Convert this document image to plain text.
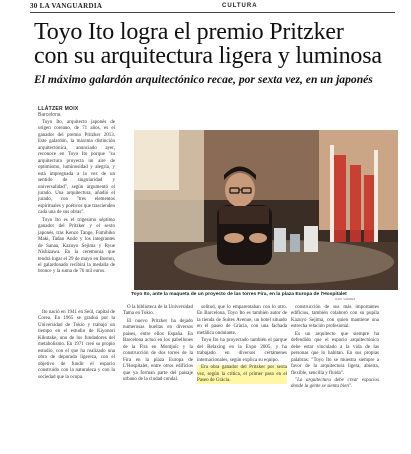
30 LA VANGUARDIA	CULTURA
Toyo Ito logra el premio Pritzker
con su arquitectura ligera y luminosa
El máximo galardón arquitectónico recae, por sexta vez, en un japonés
LLÀTZER MOIX
Barcelona

Toyo Ito, arquitecto japonés de origen coreano, de 71 años, es el ganador del premio Pritzker 2013. Este galardón, la máxima distinción arquitectónica, anunciado ayer, reconoce en Toyo Ito porque "su arquitectura proyecta un aire de optimismo, luminosidad y alegría, y está impregnada a la vez de un sentido de singularidad y universalidad", según argumentó el jurado. Una arquitectura, añadió el jurado, con "tres elementos espirituales y poéticos que trascienden cada una de sus obras".

Toyo Ito es el trigesimo séptimo ganador del Pritzker y el sexto japonés, tras Kenzo Tange, Fumihiko Maki, Tadao Ando y los integrantes de Sanaa, Kazuyo Sejima y Ryue Nishizawa. En la ceremonia que tendrá lugar el 29 de mayo en Boston, el galardonado recibirá la medalla de bronce y la suma de 76 mil euros.

Ito nació en 1941 en Seúl, capital de Corea. En 1965 se graduó por la Universidad de Tokio y trabajó un tiempo en el estudio de Kiyonori Kikutake, uno de los fundadores del metabolismo. En 1971 creó su propio estudio, con el que ha realizado una obra de depurada ligereza, con el objetivo de fundir el espacio construido con la naturaleza y con la sociedad que la ocupa.

O la biblioteca de la Universidad Tama en Tokio.

El nuevo Pritzker ha dejado numerosas huellas en diversos países, entre ellos España. En Barcelona actuó en los pabellones de la Fira en Montjuïc y la construcción de dos torres de la Fira en la plaza Europa de L'Hospitalet, entre otros edificios que ya forman parte del paisaje urbano de la ciudad condal.

solitud, que lo emparentaban con lo otro. En Barcelona, Toyo Ito es también autor de la tienda de Suites Avenue, un hotel situado en el paseo de Gràcia, con una fachada metálica ondulante.

Toyo Ito ha proyectado también el parque del Relaxing en la Expo 2005, y ha trabajado en diversos certámenes internacionales, según explica su equipo.

Era obra ganador del Pritzker por sexta vez, según la crítica, el primer paso en el Paseo de Gràcia.

construcción de sus más importantes edificios, también colaboró con su pupila Kazuyo Sejima, con quien mantiene una estrecha relación profesional.

Es un arquitecto que siempre ha defendido que el espacio arquitectónico debe estar vinculado a la vida de las personas que lo habitan. En sus propias palabras: "Toyo Ito se muestra siempre a favor de la arquitectura ligera, abierta, flexible, sencilla y fluida".

"La arquitectura debe crear espacios donde la gente se sienta bien".

Toyo Ito, ante la maqueta de un proyecto de las torres Fira, en la plaza Europa de l'Hospitalet
XAVI GÓMEZ
